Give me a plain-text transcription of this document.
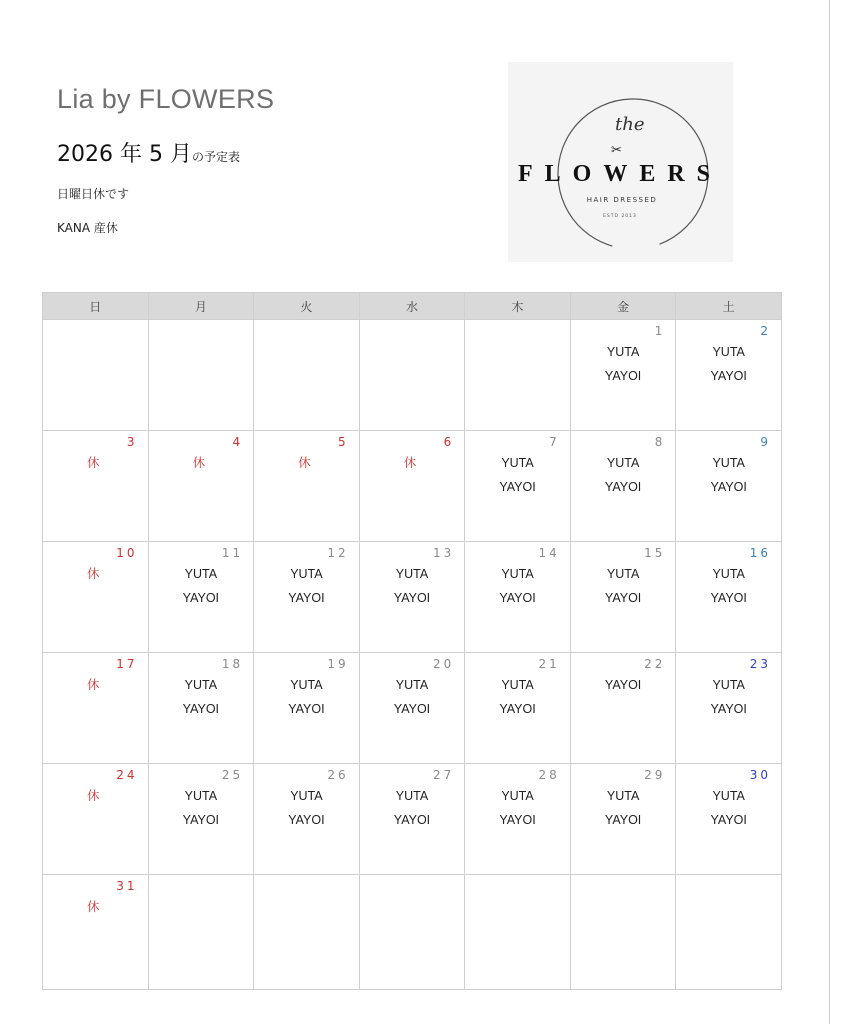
Lia by FLOWERS
2026 年 5 月の予定表
日曜日休です
KANA 産休
the
✂
FLOWERS
HAIR DRESSED
ESTD 2013
日	月	火	水	木	金	土

					1
YUTA
YAYOI	2
YUTA
YAYOI

3
休	4
休	5
休	6
休	7
YUTA
YAYOI	8
YUTA
YAYOI	9
YUTA
YAYOI

10
休	11
YUTA
YAYOI	12
YUTA
YAYOI	13
YUTA
YAYOI	14
YUTA
YAYOI	15
YUTA
YAYOI	16
YUTA
YAYOI

17
休	18
YUTA
YAYOI	19
YUTA
YAYOI	20
YUTA
YAYOI	21
YUTA
YAYOI	22
YAYOI	23
YUTA
YAYOI

24
休	25
YUTA
YAYOI	26
YUTA
YAYOI	27
YUTA
YAYOI	28
YUTA
YAYOI	29
YUTA
YAYOI	30
YUTA
YAYOI

31
休						
